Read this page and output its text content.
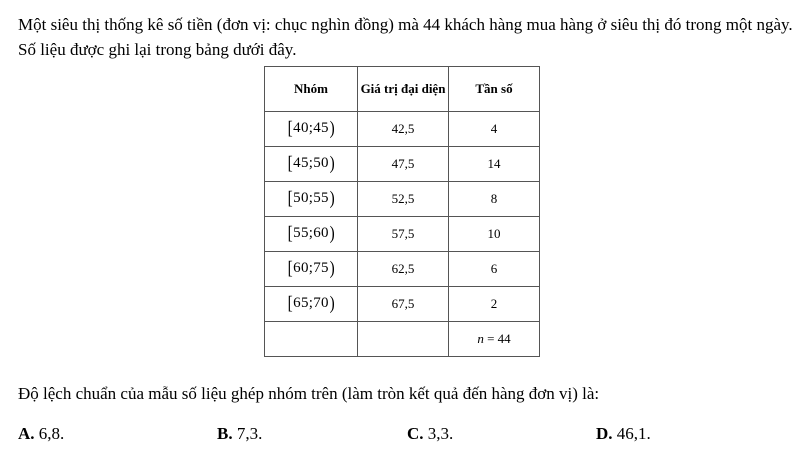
Một siêu thị thống kê số tiền (đơn vị: chục nghìn đồng) mà 44 khách hàng mua hàng ở siêu thị đó trong một ngày. Số liệu được ghi lại trong bảng dưới đây.

Nhóm	Giá trị đại diện	Tần số
[40;45)	42,5	4
[45;50)	47,5	14
[50;55)	52,5	8
[55;60)	57,5	10
[60;75)	62,5	6
[65;70)	67,5	2
		n = 44

Độ lệch chuẩn của mẫu số liệu ghép nhóm trên (làm tròn kết quả đến hàng đơn vị) là:

A. 6,8.	B. 7,3.	C. 3,3.	D. 46,1.
